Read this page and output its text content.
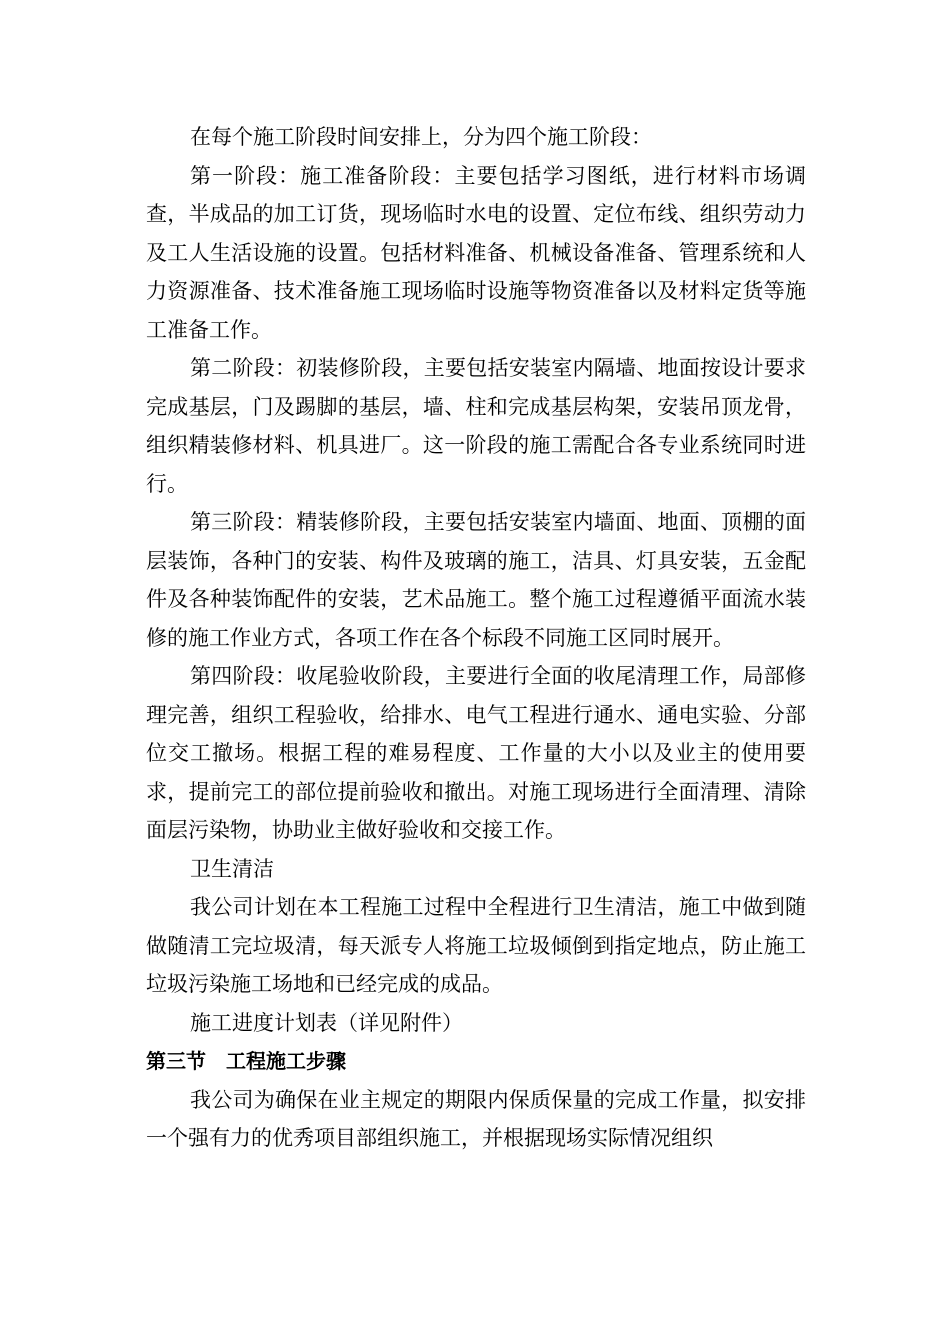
在每个施工阶段时间安排上，分为四个施工阶段：

第一阶段：施工准备阶段：主要包括学习图纸，进行材料市场调查，半成品的加工订货，现场临时水电的设置、定位布线、组织劳动力及工人生活设施的设置。包括材料准备、机械设备准备、管理系统和人力资源准备、技术准备施工现场临时设施等物资准备以及材料定货等施工准备工作。

第二阶段：初装修阶段，主要包括安装室内隔墙、地面按设计要求完成基层，门及踢脚的基层，墙、柱和完成基层构架，安装吊顶龙骨，组织精装修材料、机具进厂。这一阶段的施工需配合各专业系统同时进行。

第三阶段：精装修阶段，主要包括安装室内墙面、地面、顶棚的面层装饰，各种门的安装、构件及玻璃的施工，洁具、灯具安装，五金配件及各种装饰配件的安装，艺术品施工。整个施工过程遵循平面流水装修的施工作业方式，各项工作在各个标段不同施工区同时展开。

第四阶段：收尾验收阶段，主要进行全面的收尾清理工作，局部修理完善，组织工程验收，给排水、电气工程进行通水、通电实验、分部位交工撤场。根据工程的难易程度、工作量的大小以及业主的使用要求，提前完工的部位提前验收和撤出。对施工现场进行全面清理、清除面层污染物，协助业主做好验收和交接工作。

卫生清洁

我公司计划在本工程施工过程中全程进行卫生清洁，施工中做到随做随清工完垃圾清，每天派专人将施工垃圾倾倒到指定地点，防止施工垃圾污染施工场地和已经完成的成品。

施工进度计划表（详见附件）

第三节　工程施工步骤

我公司为确保在业主规定的期限内保质保量的完成工作量，拟安排一个强有力的优秀项目部组织施工，并根据现场实际情况组织
